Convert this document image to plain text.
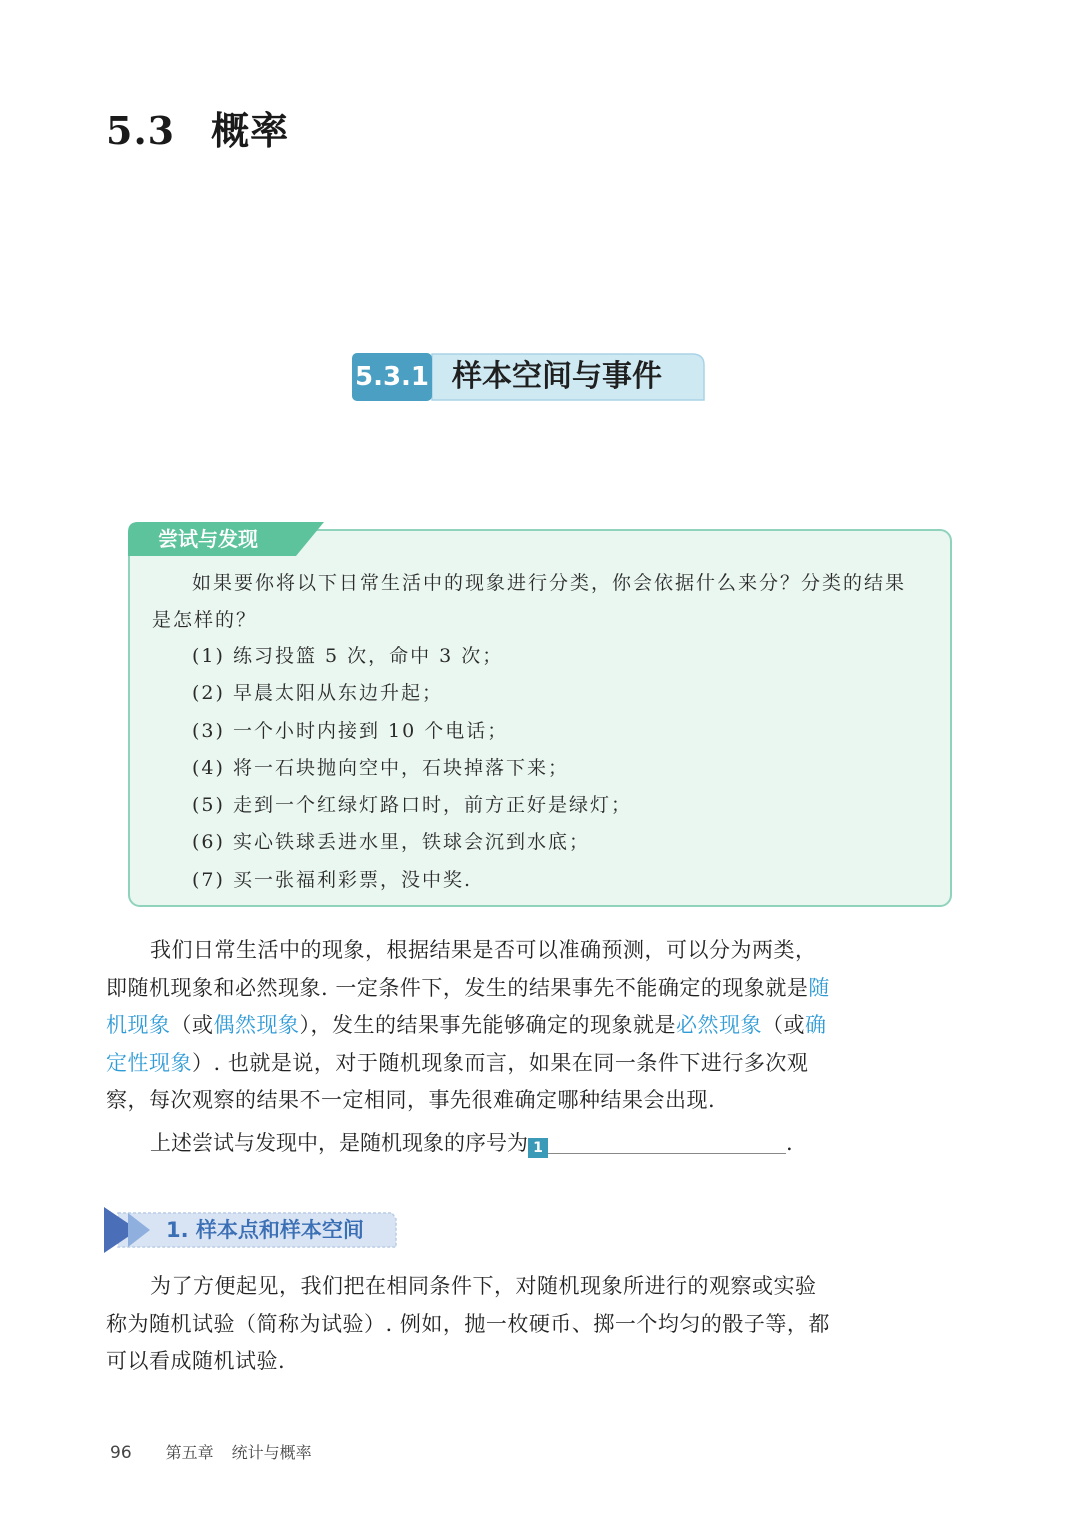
5.3 概率
5.3.1 样本空间与事件
尝试与发现
如果要你将以下日常生活中的现象进行分类，你会依据什么来分？分类的结果
是怎样的？
(1) 练习投篮 5 次，命中 3 次；
(2) 早晨太阳从东边升起；
(3) 一个小时内接到 10 个电话；
(4) 将一石块抛向空中，石块掉落下来；
(5) 走到一个红绿灯路口时，前方正好是绿灯；
(6) 实心铁球丢进水里，铁球会沉到水底；
(7) 买一张福利彩票，没中奖.
我们日常生活中的现象，根据结果是否可以准确预测，可以分为两类，即随机现象和必然现象. 一定条件下，发生的结果事先不能确定的现象就是随机现象（或偶然现象），发生的结果事先能够确定的现象就是必然现象（或确定性现象）. 也就是说，对于随机现象而言，如果在同一条件下进行多次观察，每次观察的结果不一定相同，事先很难确定哪种结果会出现.
上述尝试与发现中，是随机现象的序号为 1	.
1. 样本点和样本空间
为了方便起见，我们把在相同条件下，对随机现象所进行的观察或实验称为随机试验（简称为试验）. 例如，抛一枚硬币、掷一个均匀的骰子等，都可以看成随机试验.
96 第五章 统计与概率
